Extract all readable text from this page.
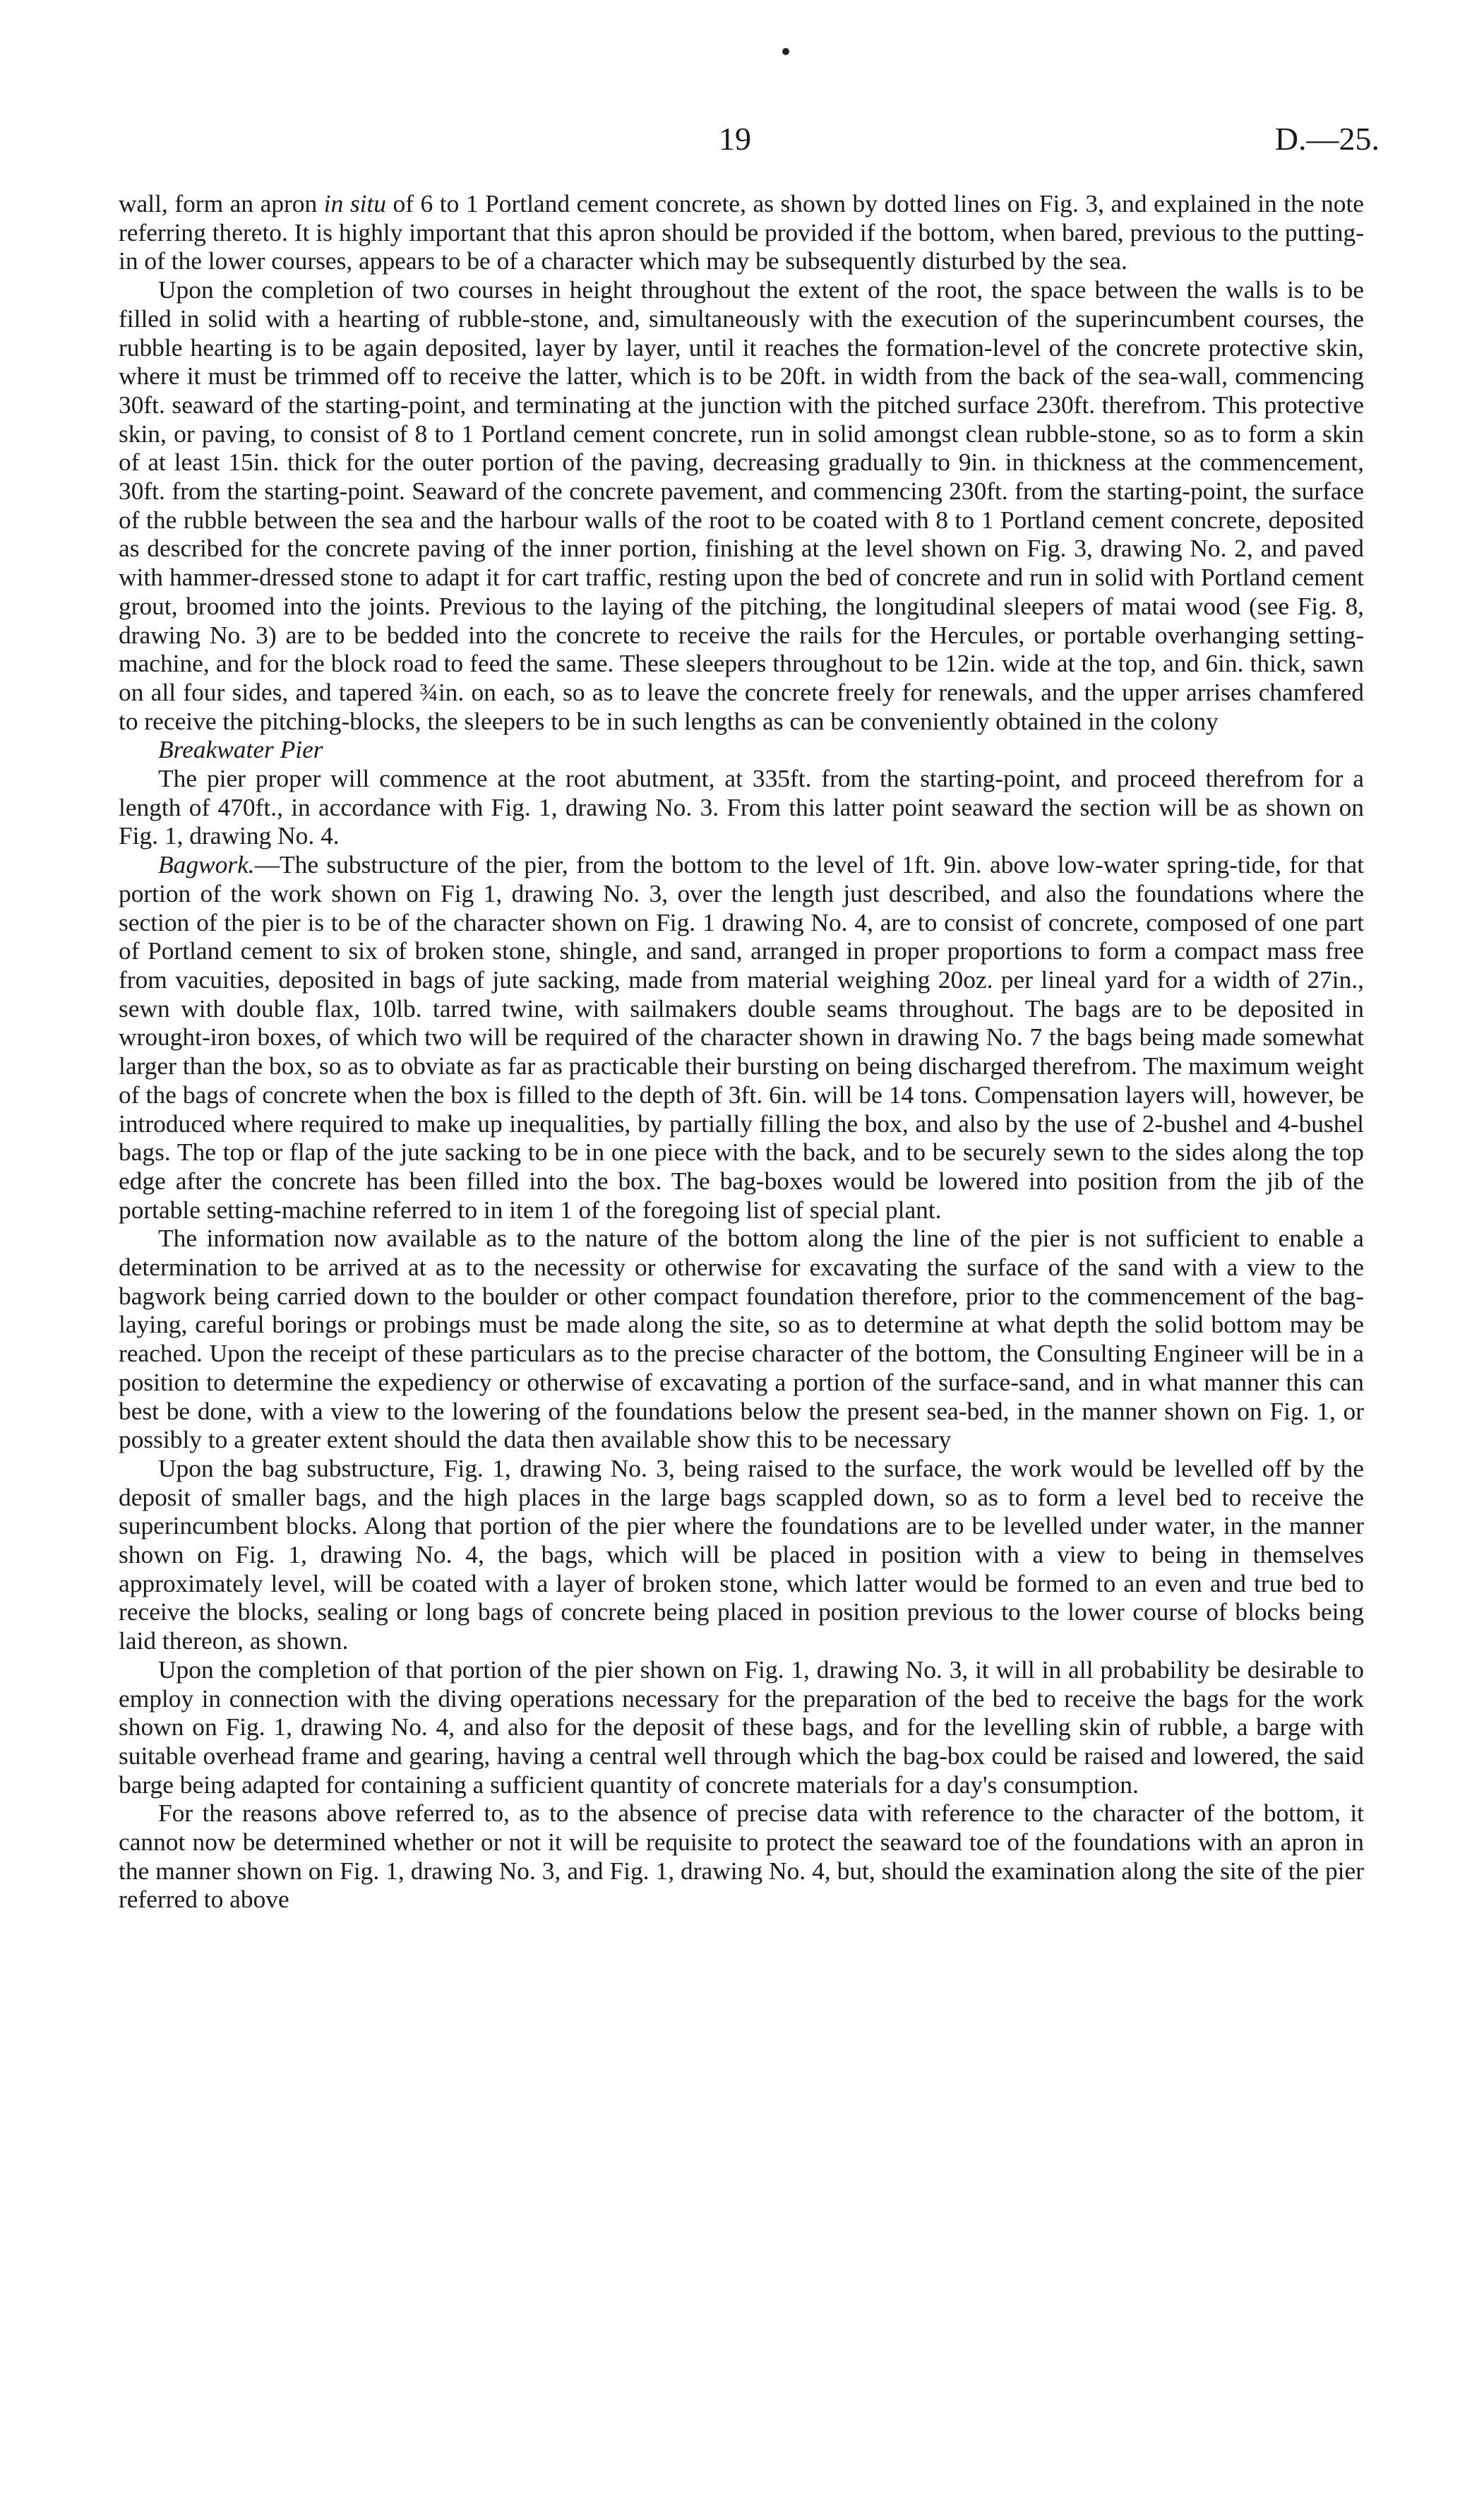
19	D.—25.

wall, form an apron in situ of 6 to 1 Portland cement concrete, as shown by dotted lines on Fig. 3, and explained in the note referring thereto. It is highly important that this apron should be provided if the bottom, when bared, previous to the putting-in of the lower courses, appears to be of a character which may be subsequently disturbed by the sea.

Upon the completion of two courses in height throughout the extent of the root, the space between the walls is to be filled in solid with a hearting of rubble-stone, and, simultaneously with the execution of the superincumbent courses, the rubble hearting is to be again deposited, layer by layer, until it reaches the formation-level of the concrete protective skin, where it must be trimmed off to receive the latter, which is to be 20ft. in width from the back of the sea-wall, commencing 30ft. seaward of the starting-point, and terminating at the junction with the pitched surface 230ft. therefrom. This protective skin, or paving, to consist of 8 to 1 Portland cement concrete, run in solid amongst clean rubble-stone, so as to form a skin of at least 15in. thick for the outer portion of the paving, decreasing gradually to 9in. in thickness at the commencement, 30ft. from the starting-point. Seaward of the concrete pavement, and commencing 230ft. from the starting-point, the surface of the rubble between the sea and the harbour walls of the root to be coated with 8 to 1 Portland cement concrete, deposited as described for the concrete paving of the inner portion, finishing at the level shown on Fig. 3, drawing No. 2, and paved with hammer-dressed stone to adapt it for cart traffic, resting upon the bed of concrete and run in solid with Portland cement grout, broomed into the joints. Previous to the laying of the pitching, the longitudinal sleepers of matai wood (see Fig. 8, drawing No. 3) are to be bedded into the concrete to receive the rails for the Hercules, or portable overhanging setting-machine, and for the block road to feed the same. These sleepers throughout to be 12in. wide at the top, and 6in. thick, sawn on all four sides, and tapered ¾in. on each, so as to leave the concrete freely for renewals, and the upper arrises chamfered to receive the pitching-blocks, the sleepers to be in such lengths as can be conveniently obtained in the colony

Breakwater Pier

The pier proper will commence at the root abutment, at 335ft. from the starting-point, and proceed therefrom for a length of 470ft., in accordance with Fig. 1, drawing No. 3. From this latter point seaward the section will be as shown on Fig. 1, drawing No. 4.

Bagwork.—The substructure of the pier, from the bottom to the level of 1ft. 9in. above low-water spring-tide, for that portion of the work shown on Fig 1, drawing No. 3, over the length just described, and also the foundations where the section of the pier is to be of the character shown on Fig. 1 drawing No. 4, are to consist of concrete, composed of one part of Portland cement to six of broken stone, shingle, and sand, arranged in proper proportions to form a compact mass free from vacuities, deposited in bags of jute sacking, made from material weighing 20oz. per lineal yard for a width of 27in., sewn with double flax, 10lb. tarred twine, with sailmakers double seams throughout. The bags are to be deposited in wrought-iron boxes, of which two will be required of the character shown in drawing No. 7 the bags being made somewhat larger than the box, so as to obviate as far as practicable their bursting on being discharged therefrom. The maximum weight of the bags of concrete when the box is filled to the depth of 3ft. 6in. will be 14 tons. Compensation layers will, however, be introduced where required to make up inequalities, by partially filling the box, and also by the use of 2-bushel and 4-bushel bags. The top or flap of the jute sacking to be in one piece with the back, and to be securely sewn to the sides along the top edge after the concrete has been filled into the box. The bag-boxes would be lowered into position from the jib of the portable setting-machine referred to in item 1 of the foregoing list of special plant.

The information now available as to the nature of the bottom along the line of the pier is not sufficient to enable a determination to be arrived at as to the necessity or otherwise for excavating the surface of the sand with a view to the bagwork being carried down to the boulder or other compact foundation therefore, prior to the commencement of the bag-laying, careful borings or probings must be made along the site, so as to determine at what depth the solid bottom may be reached. Upon the receipt of these particulars as to the precise character of the bottom, the Consulting Engineer will be in a position to determine the expediency or otherwise of excavating a portion of the surface-sand, and in what manner this can best be done, with a view to the lowering of the foundations below the present sea-bed, in the manner shown on Fig. 1, or possibly to a greater extent should the data then available show this to be necessary

Upon the bag substructure, Fig. 1, drawing No. 3, being raised to the surface, the work would be levelled off by the deposit of smaller bags, and the high places in the large bags scappled down, so as to form a level bed to receive the superincumbent blocks. Along that portion of the pier where the foundations are to be levelled under water, in the manner shown on Fig. 1, drawing No. 4, the bags, which will be placed in position with a view to being in themselves approximately level, will be coated with a layer of broken stone, which latter would be formed to an even and true bed to receive the blocks, sealing or long bags of concrete being placed in position previous to the lower course of blocks being laid thereon, as shown.

Upon the completion of that portion of the pier shown on Fig. 1, drawing No. 3, it will in all probability be desirable to employ in connection with the diving operations necessary for the preparation of the bed to receive the bags for the work shown on Fig. 1, drawing No. 4, and also for the deposit of these bags, and for the levelling skin of rubble, a barge with suitable overhead frame and gearing, having a central well through which the bag-box could be raised and lowered, the said barge being adapted for containing a sufficient quantity of concrete materials for a day's consumption.

For the reasons above referred to, as to the absence of precise data with reference to the character of the bottom, it cannot now be determined whether or not it will be requisite to protect the seaward toe of the foundations with an apron in the manner shown on Fig. 1, drawing No. 3, and Fig. 1, drawing No. 4, but, should the examination along the site of the pier referred to above
